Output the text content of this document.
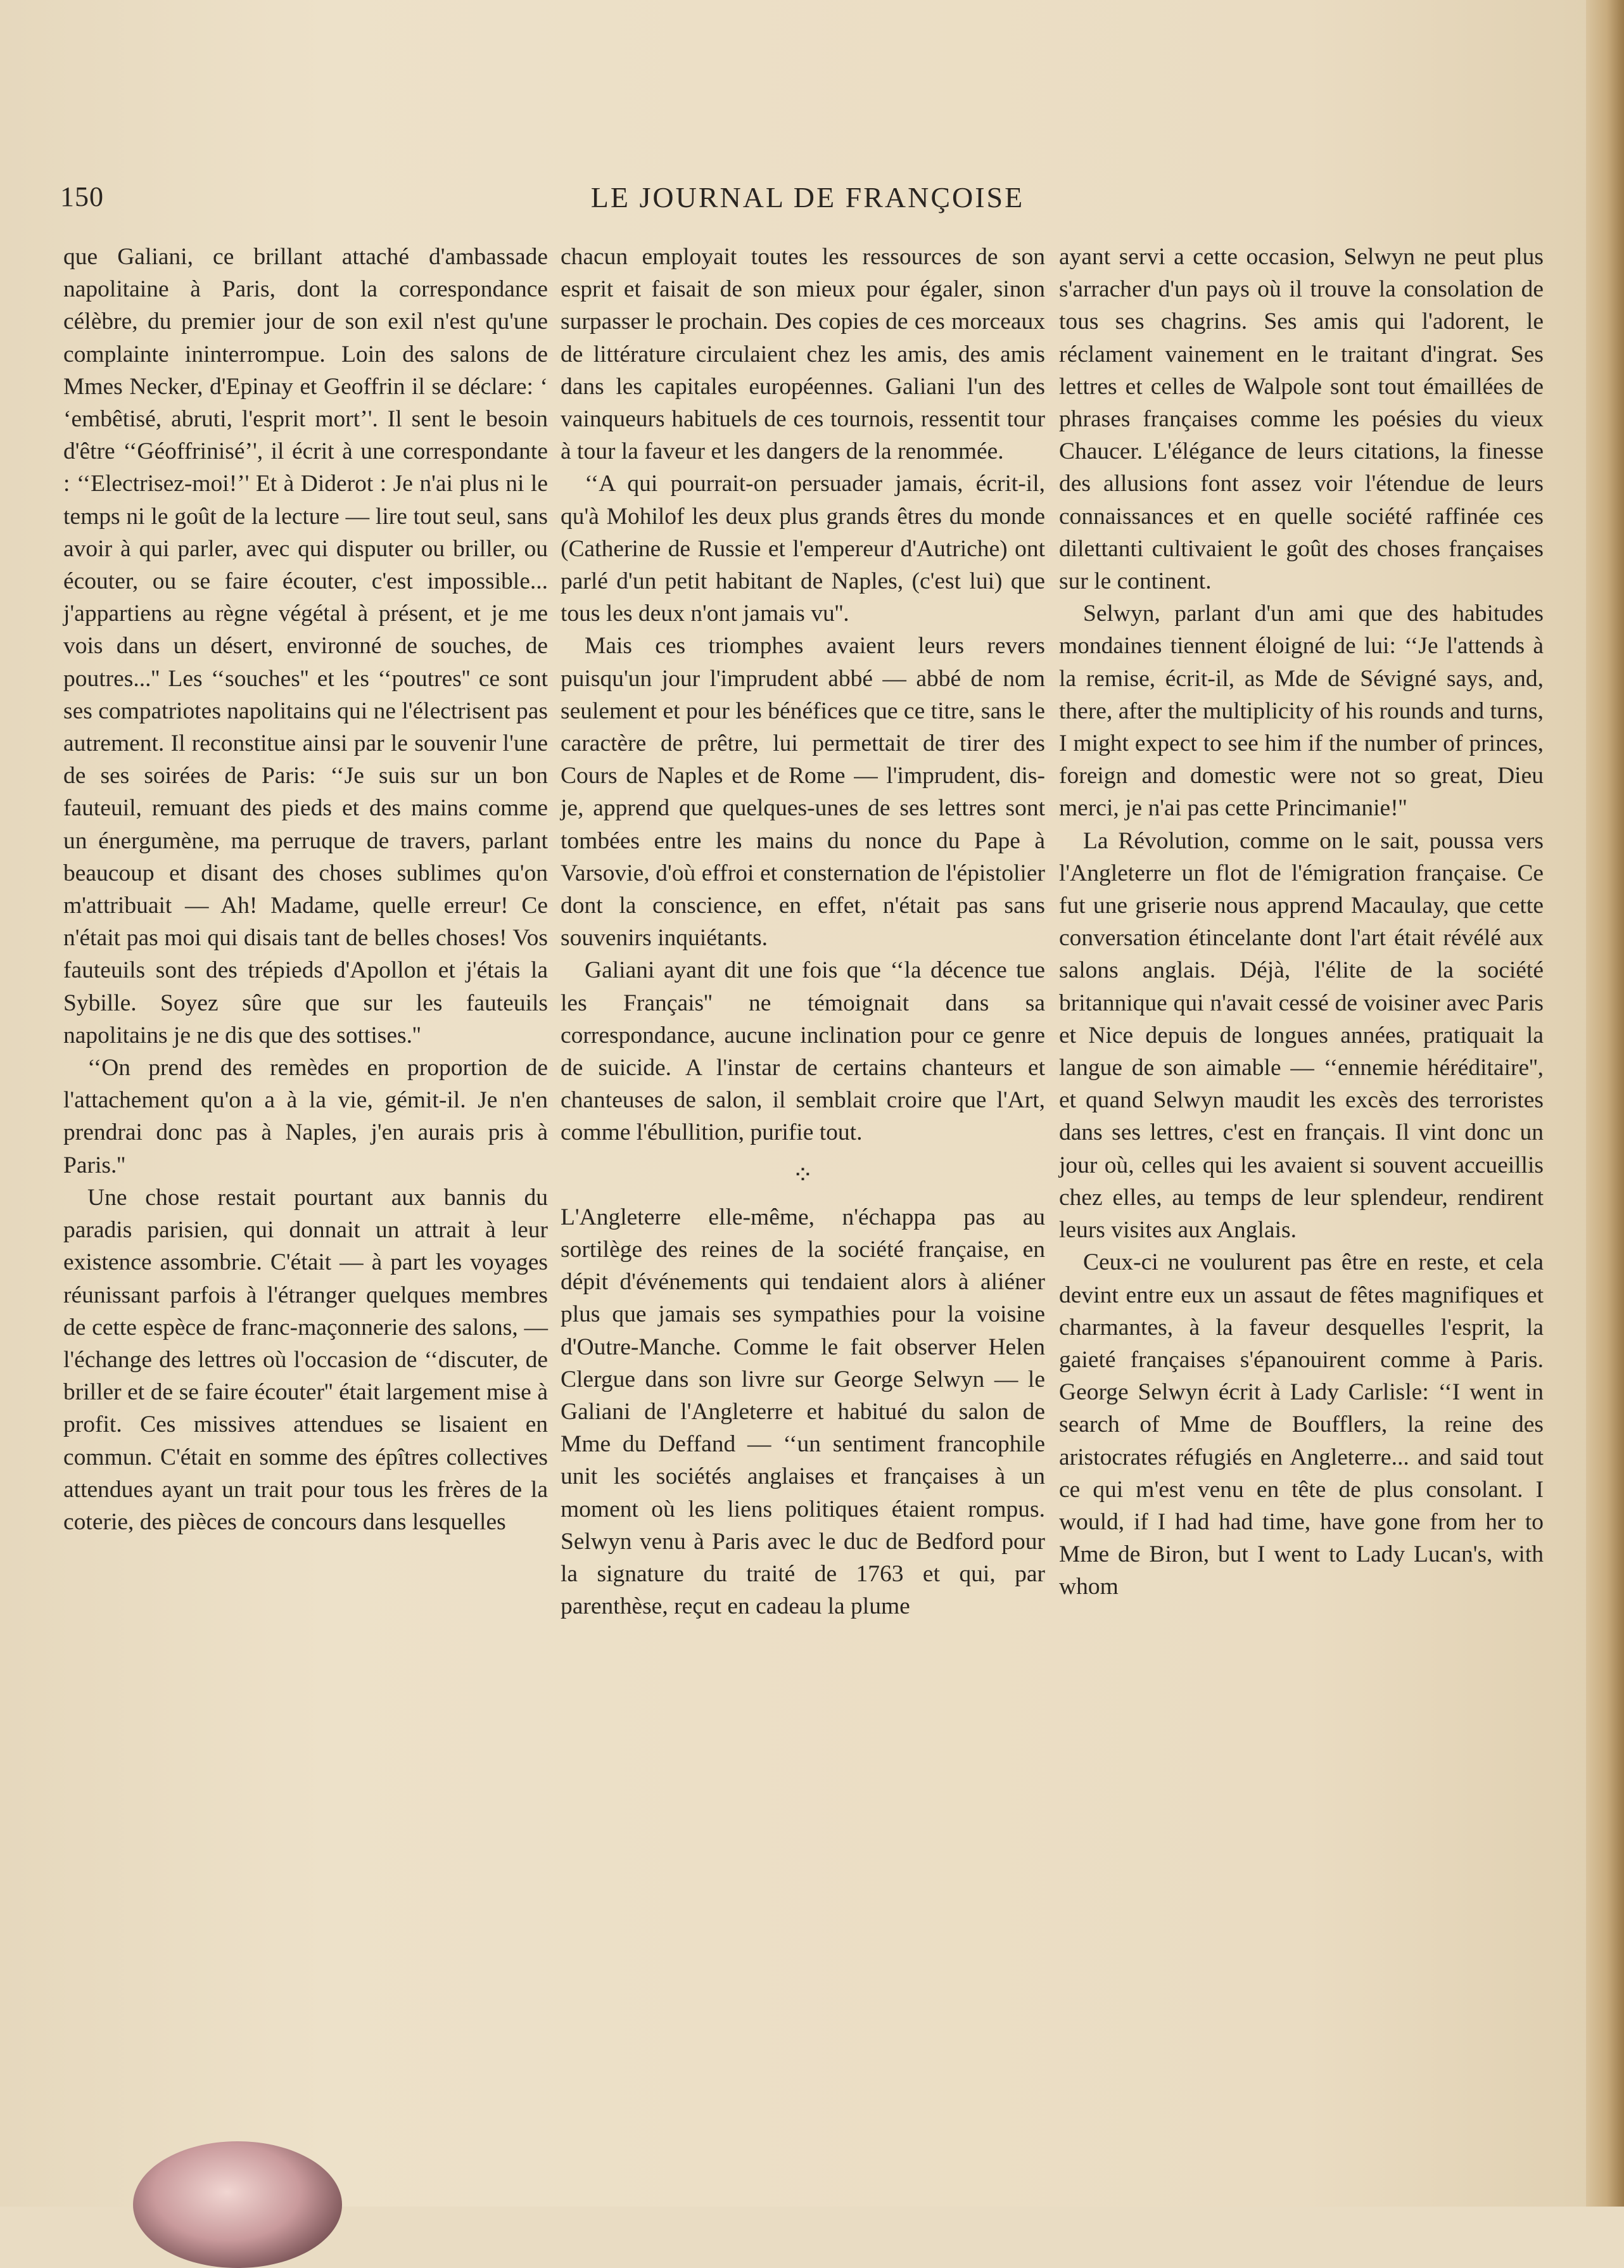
150	LE JOURNAL DE FRANÇOISE

que Galiani, ce brillant attaché d'ambassade napolitaine à Paris, dont la correspondance célèbre, du premier jour de son exil n'est qu'une complainte ininterrompue. Loin des salons de Mmes Necker, d'Epinay et Geoffrin il se déclare: ‘ ‘embêtisé, abruti, l'esprit mort’'. Il sent le besoin d'être ‘‘Géoffrinisé’', il écrit à une correspondante : ‘‘Electrisez-moi!’' Et à Diderot : Je n'ai plus ni le temps ni le goût de la lecture — lire tout seul, sans avoir à qui parler, avec qui disputer ou briller, ou écouter, ou se faire écouter, c'est impossible... j'appartiens au règne végétal à présent, et je me vois dans un désert, environné de souches, de poutres...'' Les ‘‘souches'' et les ‘‘poutres'' ce sont ses compatriotes napolitains qui ne l'électrisent pas autrement. Il reconstitue ainsi par le souvenir l'une de ses soirées de Paris: ‘‘Je suis sur un bon fauteuil, remuant des pieds et des mains comme un énergumène, ma perruque de travers, parlant beaucoup et disant des choses sublimes qu'on m'attribuait — Ah! Madame, quelle erreur! Ce n'était pas moi qui disais tant de belles choses! Vos fauteuils sont des trépieds d'Apollon et j'étais la Sybille. Soyez sûre que sur les fauteuils napolitains je ne dis que des sottises.''

‘‘On prend des remèdes en proportion de l'attachement qu'on a à la vie, gémit-il. Je n'en prendrai donc pas à Naples, j'en aurais pris à Paris.''

Une chose restait pourtant aux bannis du paradis parisien, qui donnait un attrait à leur existence assombrie. C'était — à part les voyages réunissant parfois à l'étranger quelques membres de cette espèce de franc-maçonnerie des salons, — l'échange des lettres où l'occasion de ‘‘discuter, de briller et de se faire écouter'' était largement mise à profit. Ces missives attendues se lisaient en commun. C'était en somme des épîtres collectives attendues ayant un trait pour tous les frères de la coterie, des pièces de concours dans lesquelles

chacun employait toutes les ressources de son esprit et faisait de son mieux pour égaler, sinon surpasser le prochain. Des copies de ces morceaux de littérature circulaient chez les amis, des amis dans les capitales européennes. Galiani l'un des vainqueurs habituels de ces tournois, ressentit tour à tour la faveur et les dangers de la renommée.

‘‘A qui pourrait-on persuader jamais, écrit-il, qu'à Mohilof les deux plus grands êtres du monde (Catherine de Russie et l'empereur d'Autriche) ont parlé d'un petit habitant de Naples, (c'est lui) que tous les deux n'ont jamais vu''.

Mais ces triomphes avaient leurs revers puisqu'un jour l'imprudent abbé — abbé de nom seulement et pour les bénéfices que ce titre, sans le caractère de prêtre, lui permettait de tirer des Cours de Naples et de Rome — l'imprudent, dis-je, apprend que quelques-unes de ses lettres sont tombées entre les mains du nonce du Pape à Varsovie, d'où effroi et consternation de l'épistolier dont la conscience, en effet, n'était pas sans souvenirs inquiétants.

Galiani ayant dit une fois que ‘‘la décence tue les Français'' ne témoignait dans sa correspondance, aucune inclination pour ce genre de suicide. A l'instar de certains chanteurs et chanteuses de salon, il semblait croire que l'Art, comme l'ébullition, purifie tout.

⁘

L'Angleterre elle-même, n'échappa pas au sortilège des reines de la société française, en dépit d'événements qui tendaient alors à aliéner plus que jamais ses sympathies pour la voisine d'Outre-Manche. Comme le fait observer Helen Clergue dans son livre sur George Selwyn — le Galiani de l'Angleterre et habitué du salon de Mme du Deffand — ‘‘un sentiment francophile unit les sociétés anglaises et françaises à un moment où les liens politiques étaient rompus. Selwyn venu à Paris avec le duc de Bedford pour la signature du traité de 1763 et qui, par parenthèse, reçut en cadeau la plume

ayant servi a cette occasion, Selwyn ne peut plus s'arracher d'un pays où il trouve la consolation de tous ses chagrins. Ses amis qui l'adorent, le réclament vainement en le traitant d'ingrat. Ses lettres et celles de Walpole sont tout émaillées de phrases françaises comme les poésies du vieux Chaucer. L'élégance de leurs citations, la finesse des allusions font assez voir l'étendue de leurs connaissances et en quelle société raffinée ces dilettanti cultivaient le goût des choses françaises sur le continent.

Selwyn, parlant d'un ami que des habitudes mondaines tiennent éloigné de lui: ‘‘Je l'attends à la remise, écrit-il, as Mde de Sévigné says, and, there, after the multiplicity of his rounds and turns, I might expect to see him if the number of princes, foreign and domestic were not so great, Dieu merci, je n'ai pas cette Princimanie!''

La Révolution, comme on le sait, poussa vers l'Angleterre un flot de l'émigration française. Ce fut une griserie nous apprend Macaulay, que cette conversation étincelante dont l'art était révélé aux salons anglais. Déjà, l'élite de la société britannique qui n'avait cessé de voisiner avec Paris et Nice depuis de longues années, pratiquait la langue de son aimable — ‘‘ennemie héréditaire'', et quand Selwyn maudit les excès des terroristes dans ses lettres, c'est en français. Il vint donc un jour où, celles qui les avaient si souvent accueillis chez elles, au temps de leur splendeur, rendirent leurs visites aux Anglais.

Ceux-ci ne voulurent pas être en reste, et cela devint entre eux un assaut de fêtes magnifiques et charmantes, à la faveur desquelles l'esprit, la gaieté françaises s'épanouirent comme à Paris. George Selwyn écrit à Lady Carlisle: ‘‘I went in search of Mme de Boufflers, la reine des aristocrates réfugiés en Angleterre... and said tout ce qui m'est venu en tête de plus consolant. I would, if I had had time, have gone from her to Mme de Biron, but I went to Lady Lucan's, with whom
